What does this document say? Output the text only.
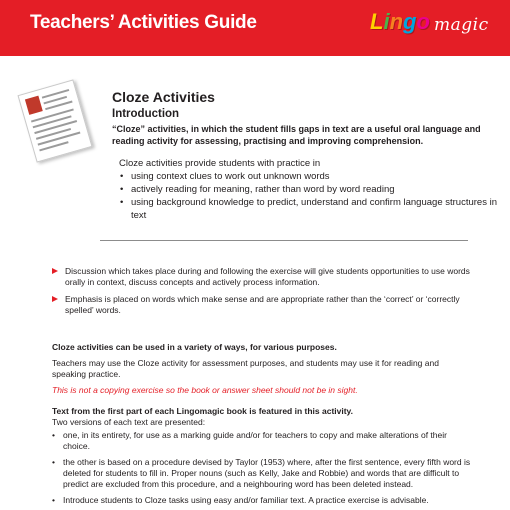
Teachers’ Activities Guide	Lingo magic
Cloze Activities
Introduction
“Cloze” activities, in which the student fills gaps in text are a useful oral language and reading activity for assessing, practising and improving comprehension.
Cloze activities provide students with practice in
• using context clues to work out unknown words
• actively reading for meaning, rather than word by word reading
• using background knowledge to predict, understand and confirm language structures in text
Discussion which takes place during and following the exercise will give students opportunities to use words orally in context, discuss concepts and actively process information.
Emphasis is placed on words which make sense and are appropriate rather than the ‘correct’ or ‘correctly spelled’ words.
Cloze activities can be used in a variety of ways, for various purposes.
Teachers may use the Cloze activity for assessment purposes, and students may use it for reading and speaking practice.
This is not a copying exercise so the book or answer sheet should not be in sight.
Text from the first part of each Lingomagic book is featured in this activity.
Two versions of each text are presented:
• one, in its entirety, for use as a marking guide and/or for teachers to copy and make alterations of their choice.
• the other is based on a procedure devised by Taylor (1953) where, after the first sentence, every fifth word is deleted for students to fill in. Proper nouns (such as Kelly, Jake and Robbie) and words that are difficult to predict are excluded from this procedure, and a neighbouring word has been deleted instead.
• Introduce students to Cloze tasks using easy and/or familiar text. A practice exercise is advisable.
